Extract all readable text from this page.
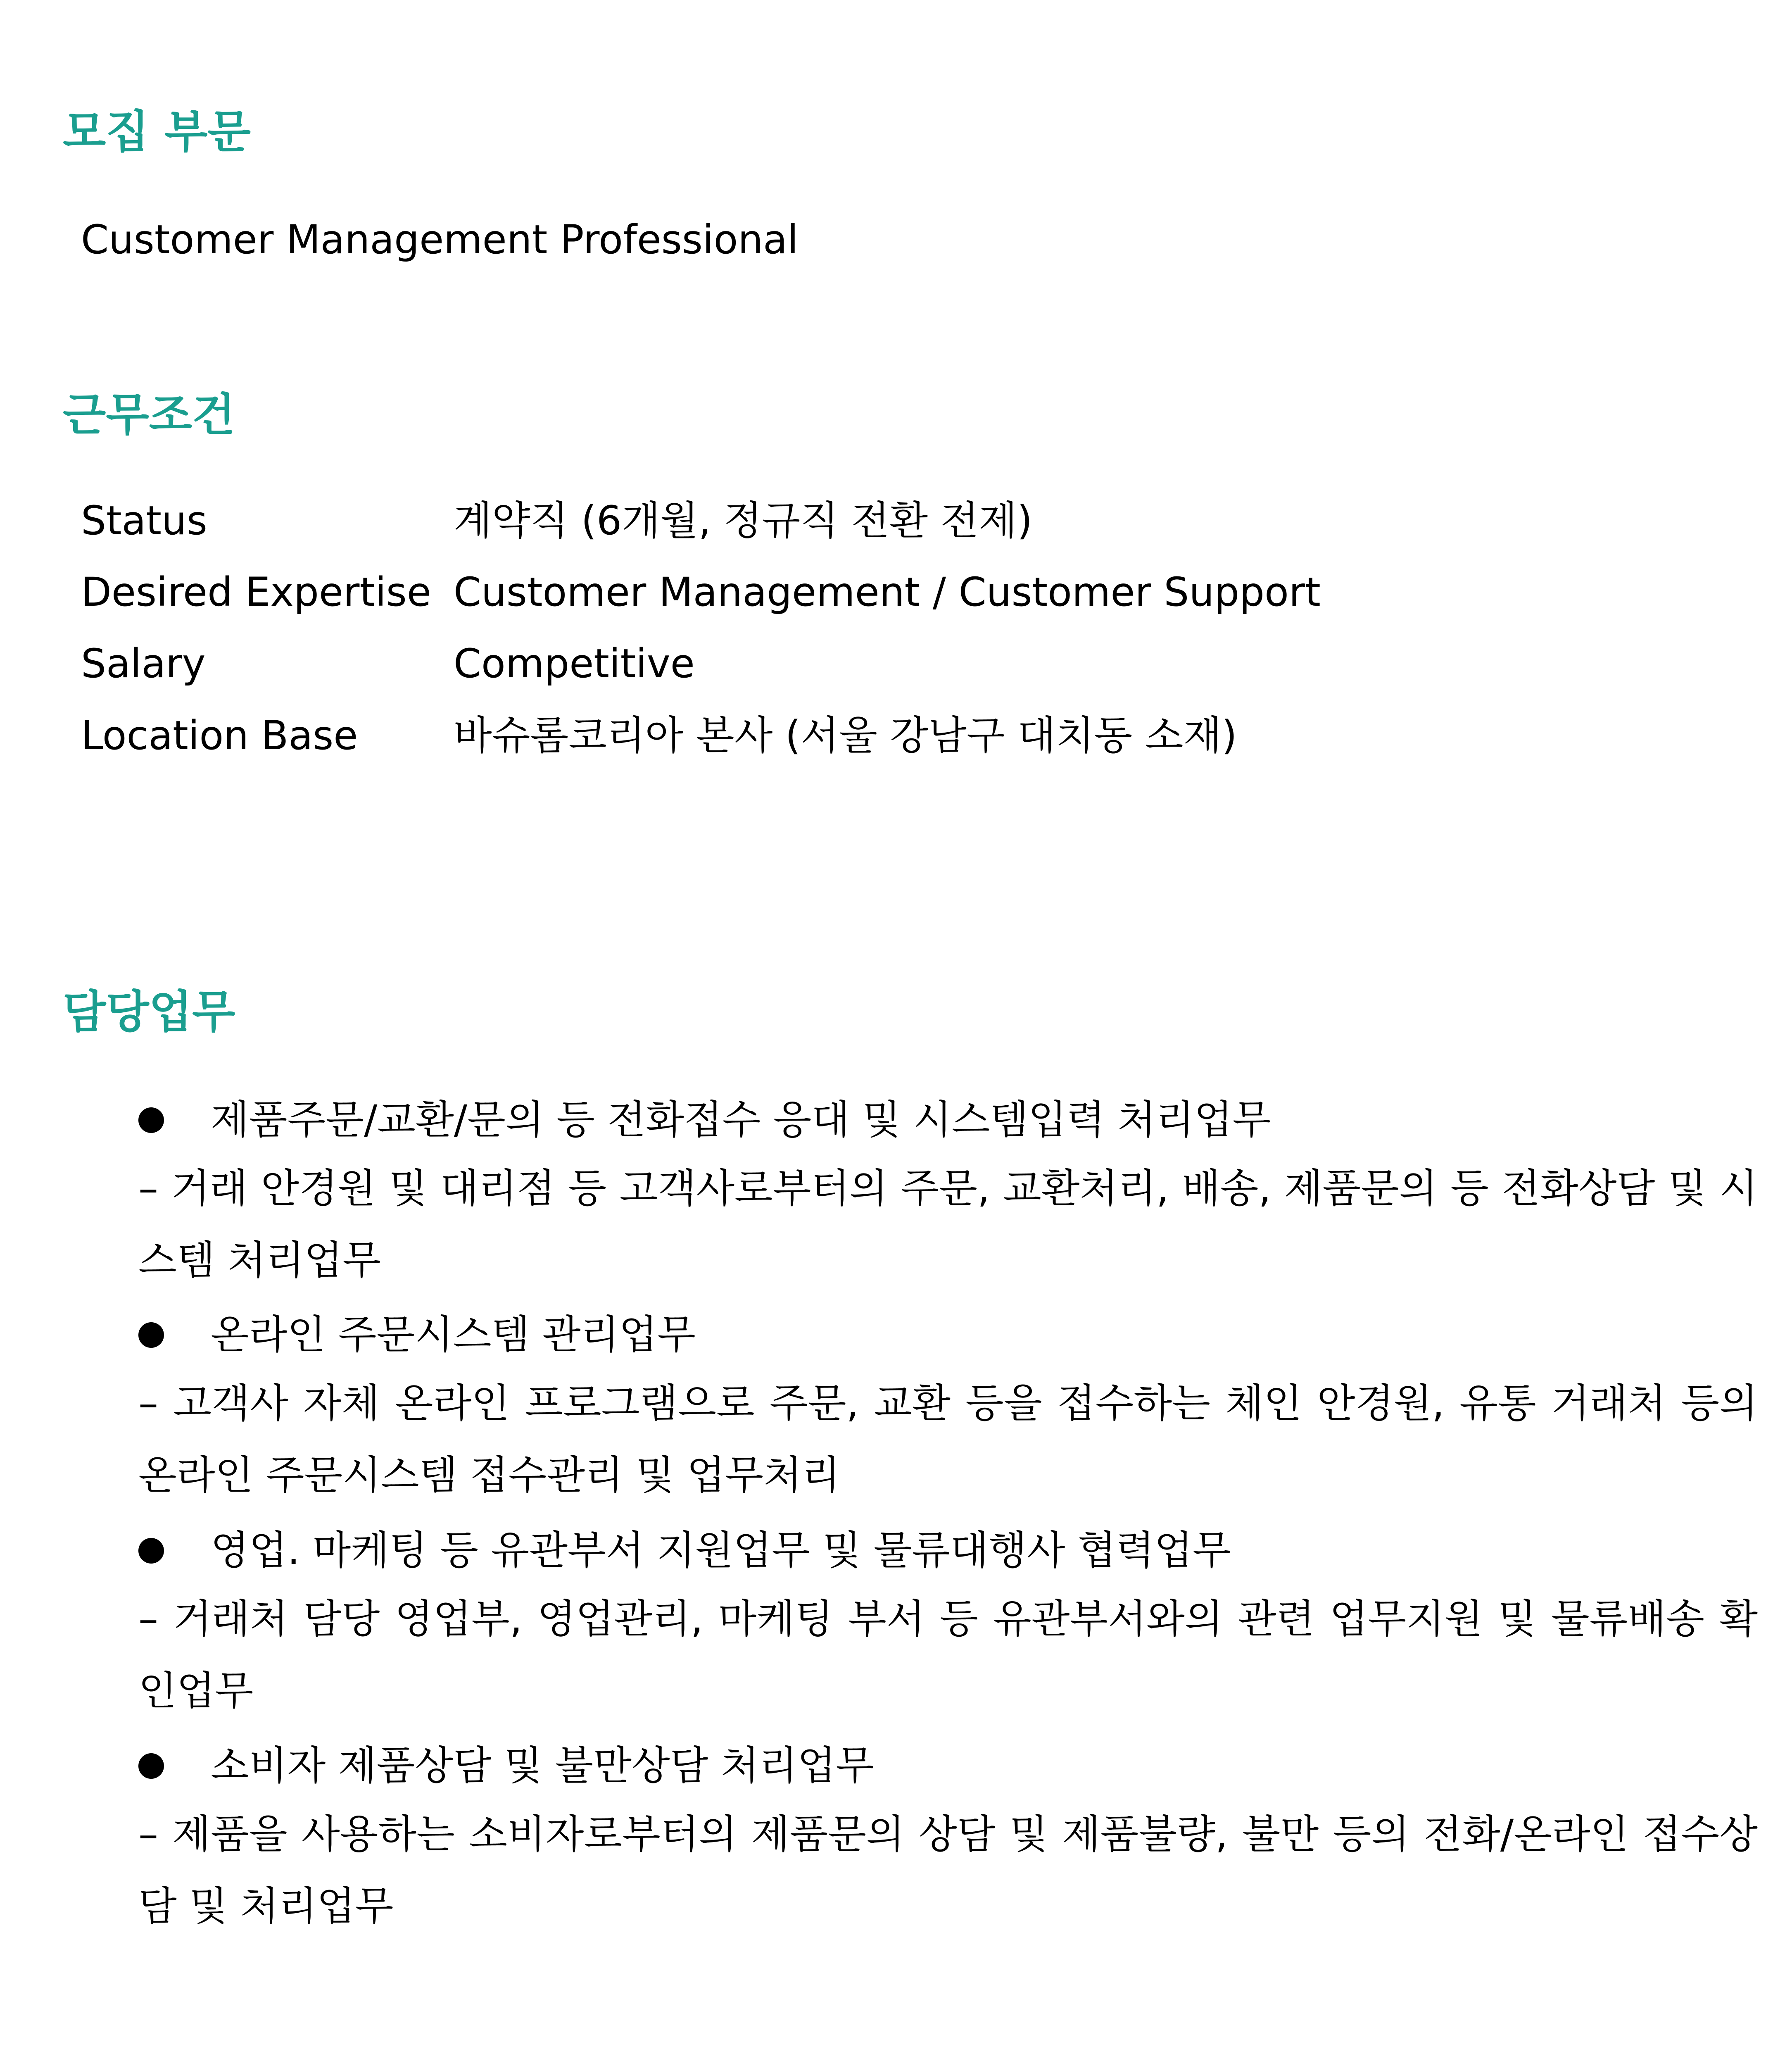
모집 부문

Customer Management Professional

근무조건

Status	계약직 (6개월, 정규직 전환 전제)

Desired Expertise Customer Management / Customer Support

Salary	Competitive

Location Base 바슈롬코리아 본사 (서울 강남구 대치동 소재)

담당업무

제품주문/교환/문의 등 전화접수 응대 및 시스템입력 처리업무

– 거래 안경원 및 대리점 등 고객사로부터의 주문, 교환처리, 배송, 제품문의 등 전화상담 및 시스템 처리업무

온라인 주문시스템 관리업무

– 고객사 자체 온라인 프로그램으로 주문, 교환 등을 접수하는 체인 안경원, 유통 거래처 등의 온라인 주문시스템 접수관리 및 업무처리

영업. 마케팅 등 유관부서 지원업무 및 물류대행사 협력업무

– 거래처 담당 영업부, 영업관리, 마케팅 부서 등 유관부서와의 관련 업무지원 및 물류배송 확인업무

소비자 제품상담 및 불만상담 처리업무

– 제품을 사용하는 소비자로부터의 제품문의 상담 및 제품불량, 불만 등의 전화/온라인 접수상담 및 처리업무
